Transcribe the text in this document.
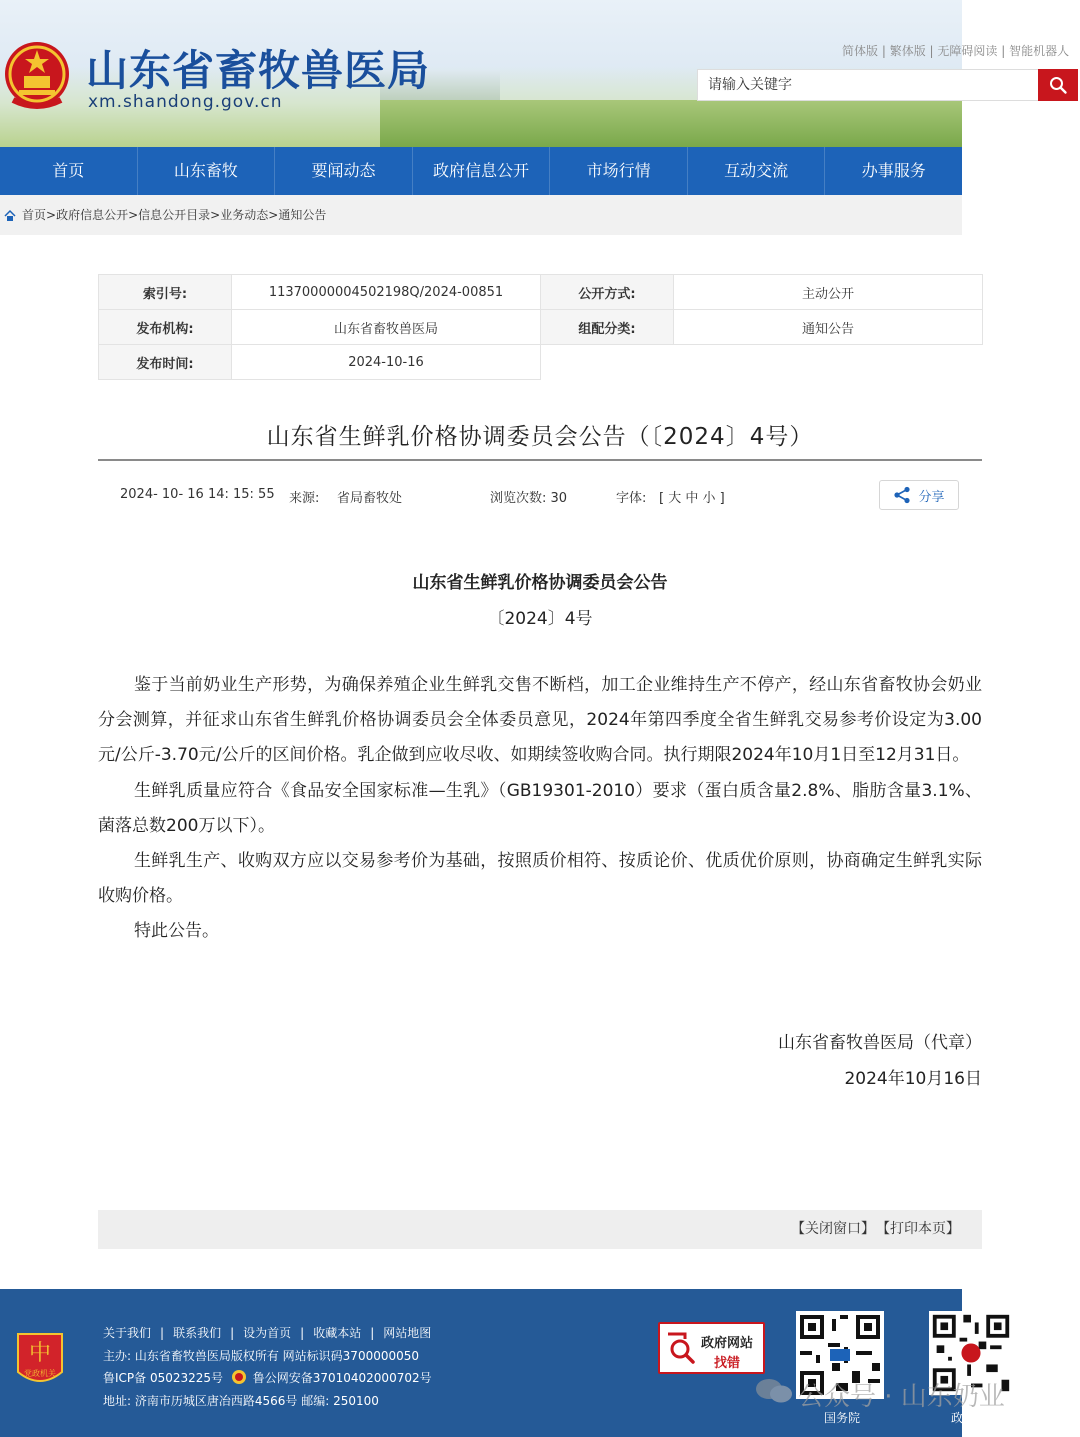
山东省畜牧兽医局
xm.shandong.gov.cn
简体版 | 繁体版 | 无障碍阅读 | 智能机器人
请输入关键字
首页	山东畜牧	要闻动态	政府信息公开	市场行情	互动交流	办事服务
首页 > 政府信息公开 > 信息公开目录 > 业务动态 > 通知公告
索引号:	11370000004502198Q/2024-00851	公开方式:	主动公开
发布机构:	山东省畜牧兽医局	组配分类:	通知公告
发布时间:	2024-10-16		
山东省生鲜乳价格协调委员会公告（〔2024〕4号）
2024- 10- 16 14: 15: 55 来源: 省局畜牧处	浏览次数: 30	字体: [ 大 中 小 ]	分享
山东省生鲜乳价格协调委员会公告
〔2024〕4号

鉴于当前奶业生产形势，为确保养殖企业生鲜乳交售不断档，加工企业维持生产不停产，经山东省畜牧协会奶业分会测算，并征求山东省生鲜乳价格协调委员会全体委员意见，2024年第四季度全省生鲜乳交易参考价设定为3.00元/公斤-3.70元/公斤的区间价格。乳企做到应收尽收、如期续签收购合同。执行期限2024年10月1日至12月31日。

生鲜乳质量应符合《食品安全国家标准—生乳》（GB19301-2010）要求（蛋白质含量2.8%、脂肪含量3.1%、菌落总数200万以下）。

生鲜乳生产、收购双方应以交易参考价为基础，按照质价相符、按质论价、优质优价原则，协商确定生鲜乳实际收购价格。

特此公告。

山东省畜牧兽医局（代章）
2024年10月16日
【关闭窗口】 【打印本页】
中
党政机关
关于我们 | 联系我们 | 设为首页 | 收藏本站 | 网站地图
主办: 山东省畜牧兽医局版权所有 网站标识码3700000050
鲁ICP备 05023225号 鲁公网安备37010402000702号
地址: 济南市历城区唐冶西路4566号 邮编: 250100
政府网站
找错
国务院	政
公众号 · 山东奶业
